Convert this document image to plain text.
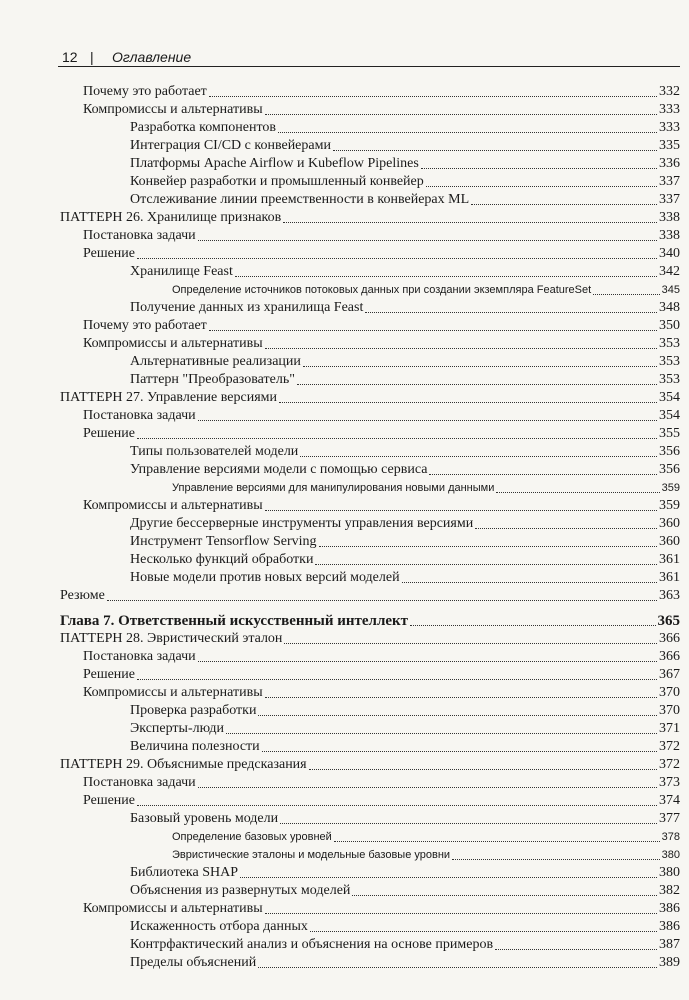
12 | Оглавление
Почему это работает	332
Компромиссы и альтернативы	333
Разработка компонентов	333
Интеграция CI/CD с конвейерами	335
Платформы Apache Airflow и Kubeflow Pipelines	336
Конвейер разработки и промышленный конвейер	337
Отслеживание линии преемственности в конвейерах ML	337
ПАТТЕРН 26. Хранилище признаков	338
Постановка задачи	338
Решение	340
Хранилище Feast	342
Определение источников потоковых данных при создании экземпляра FeatureSet	345
Получение данных из хранилища Feast	348
Почему это работает	350
Компромиссы и альтернативы	353
Альтернативные реализации	353
Паттерн "Преобразователь"	353
ПАТТЕРН 27. Управление версиями	354
Постановка задачи	354
Решение	355
Типы пользователей модели	356
Управление версиями модели с помощью сервиса	356
Управление версиями для манипулирования новыми данными	359
Компромиссы и альтернативы	359
Другие бессерверные инструменты управления версиями	360
Инструмент Tensorflow Serving	360
Несколько функций обработки	361
Новые модели против новых версий моделей	361
Резюме	363
Глава 7. Ответственный искусственный интеллект	365
ПАТТЕРН 28. Эвристический эталон	366
Постановка задачи	366
Решение	367
Компромиссы и альтернативы	370
Проверка разработки	370
Эксперты-люди	371
Величина полезности	372
ПАТТЕРН 29. Объяснимые предсказания	372
Постановка задачи	373
Решение	374
Базовый уровень модели	377
Определение базовых уровней	378
Эвристические эталоны и модельные базовые уровни	380
Библиотека SHAP	380
Объяснения из развернутых моделей	382
Компромиссы и альтернативы	386
Искаженность отбора данных	386
Контрфактический анализ и объяснения на основе примеров	387
Пределы объяснений	389
